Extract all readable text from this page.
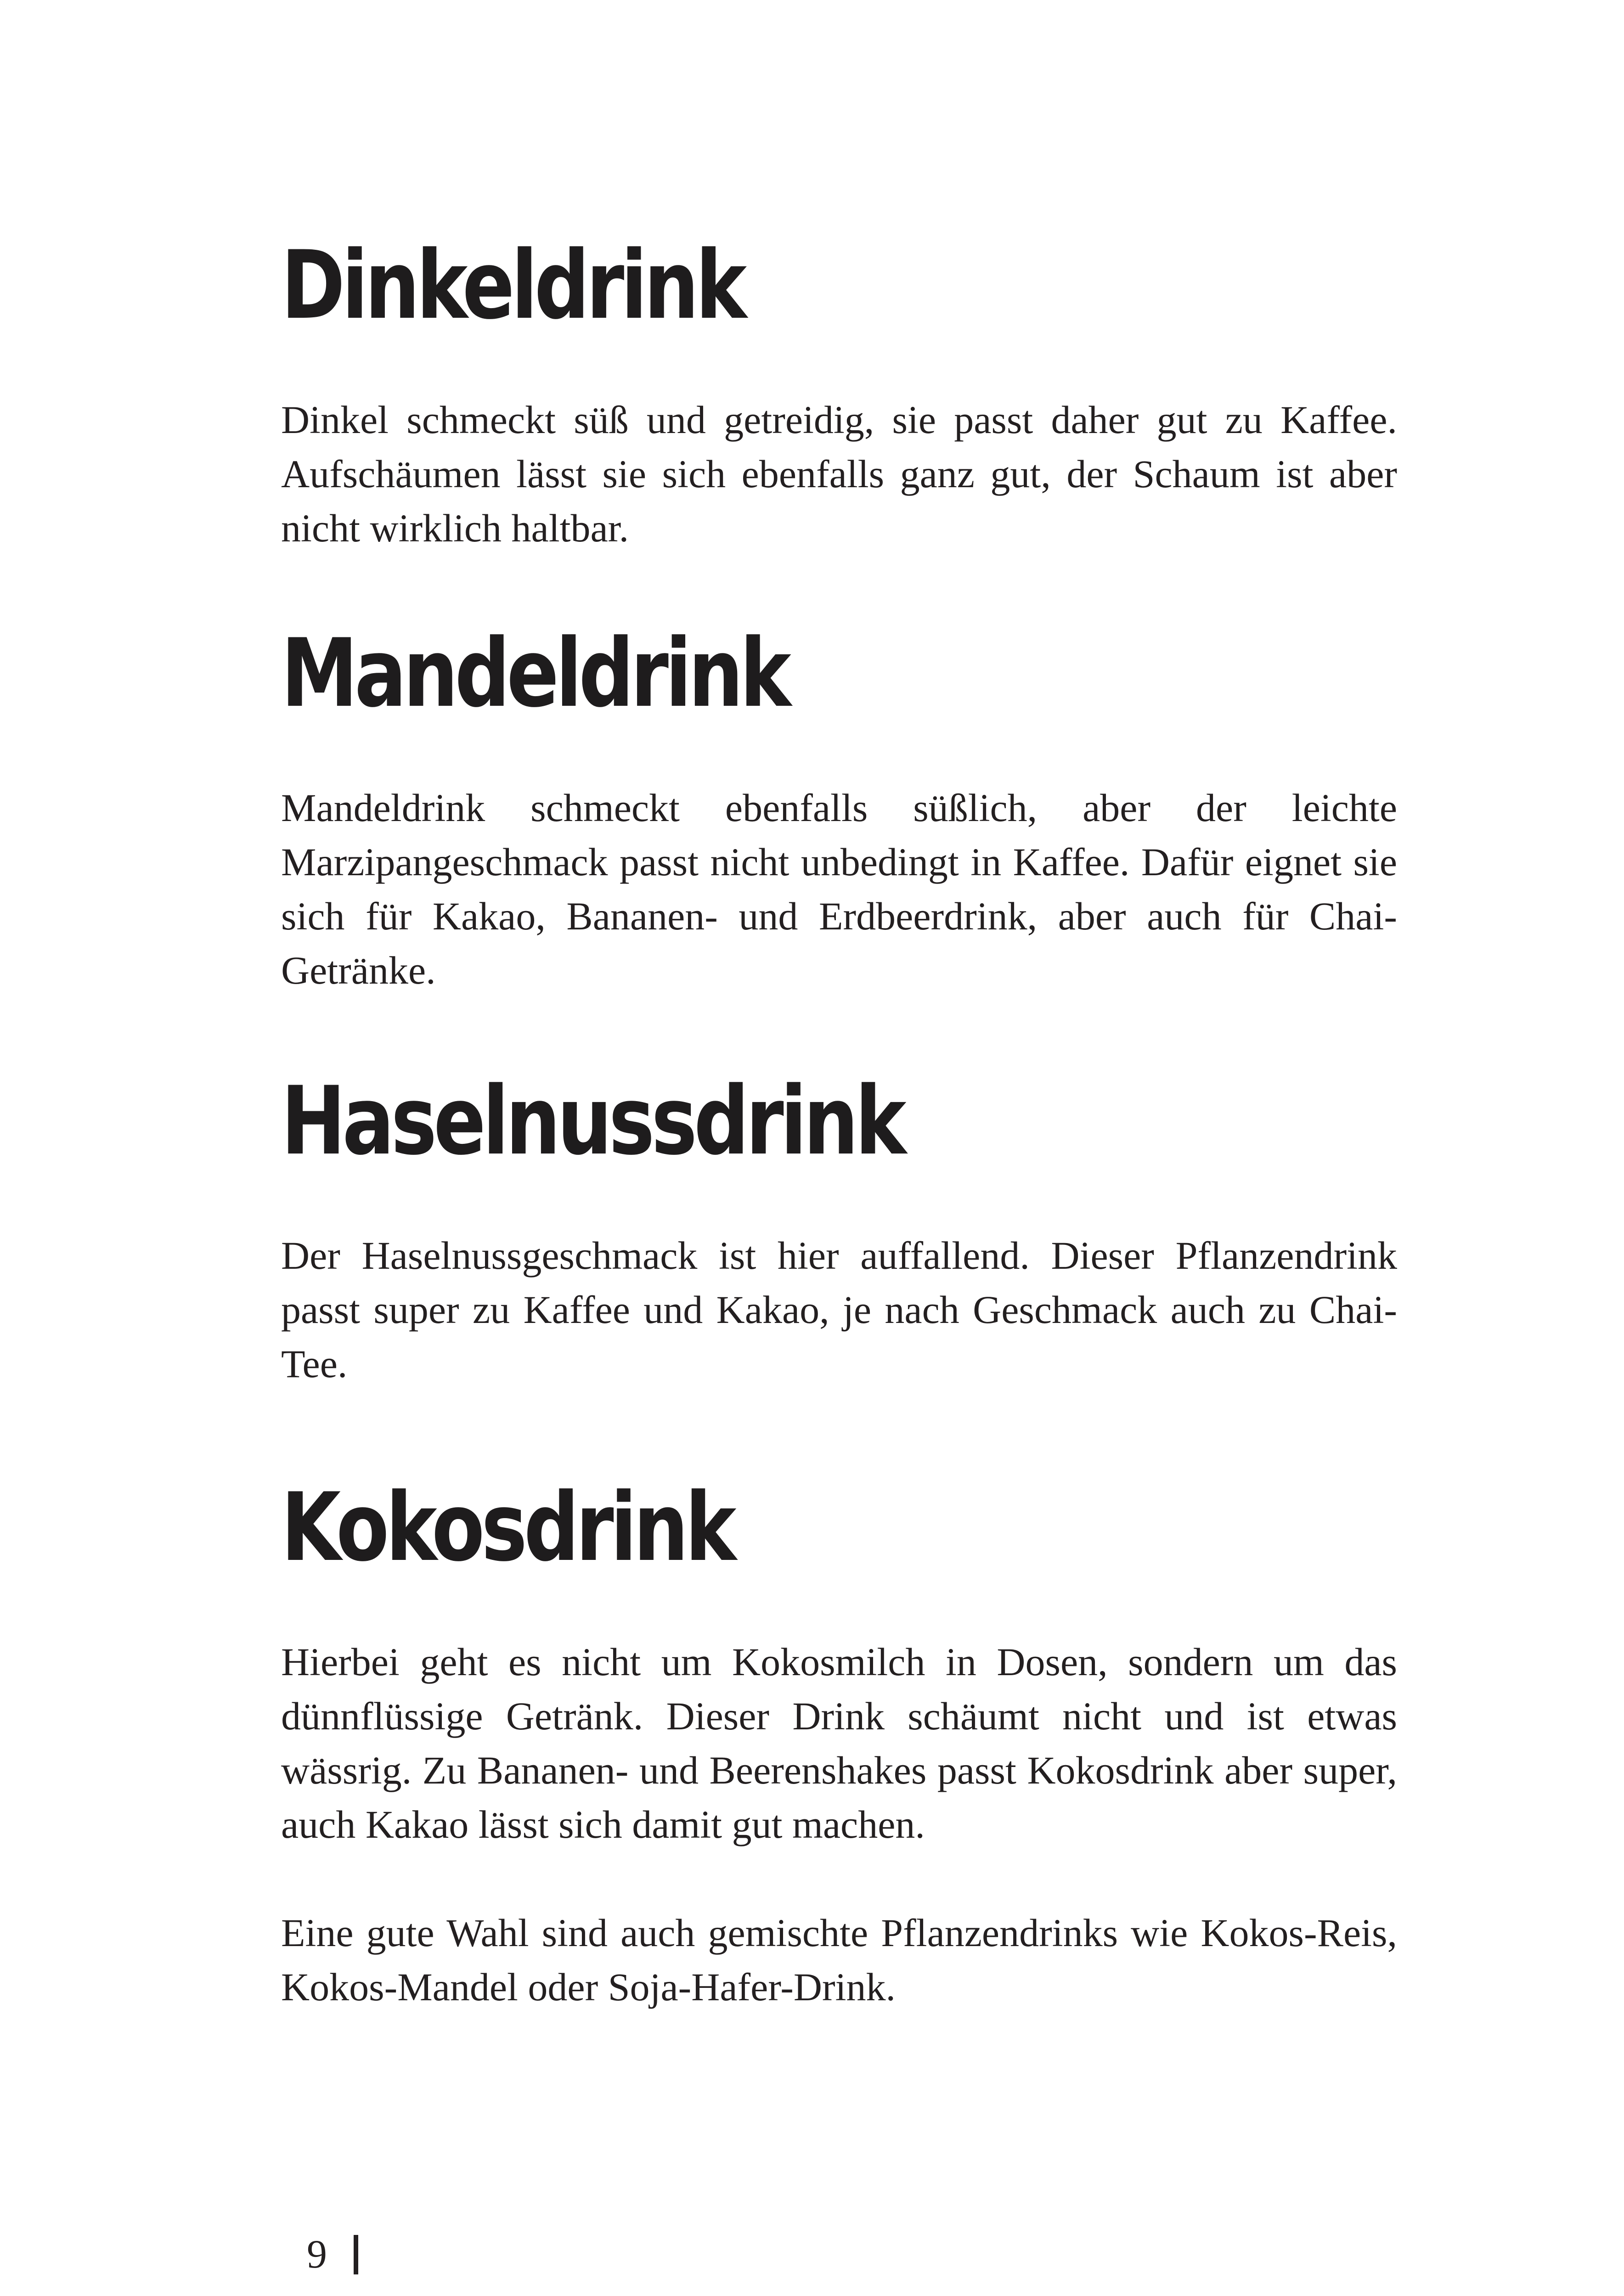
Dinkeldrink

Dinkel schmeckt süß und getreidig, sie passt daher gut zu Kaffee. Aufschäumen lässt sie sich ebenfalls ganz gut, der Schaum ist aber nicht wirklich haltbar.

Mandeldrink

Mandeldrink schmeckt ebenfalls süßlich, aber der leichte Marzipangeschmack passt nicht unbedingt in Kaffee. Dafür eignet sie sich für Kakao, Bananen- und Erdbeerdrink, aber auch für Chai-Getränke.

Haselnussdrink

Der Haselnussgeschmack ist hier auffallend. Dieser Pflanzendrink passt super zu Kaffee und Kakao, je nach Geschmack auch zu Chai-Tee.

Kokosdrink

Hierbei geht es nicht um Kokosmilch in Dosen, sondern um das dünnflüssige Getränk. Dieser Drink schäumt nicht und ist etwas wässrig. Zu Bananen- und Beerenshakes passt Kokosdrink aber super, auch Kakao lässt sich damit gut machen.

Eine gute Wahl sind auch gemischte Pflanzendrinks wie Kokos-Reis, Kokos-Mandel oder Soja-Hafer-Drink.

9
